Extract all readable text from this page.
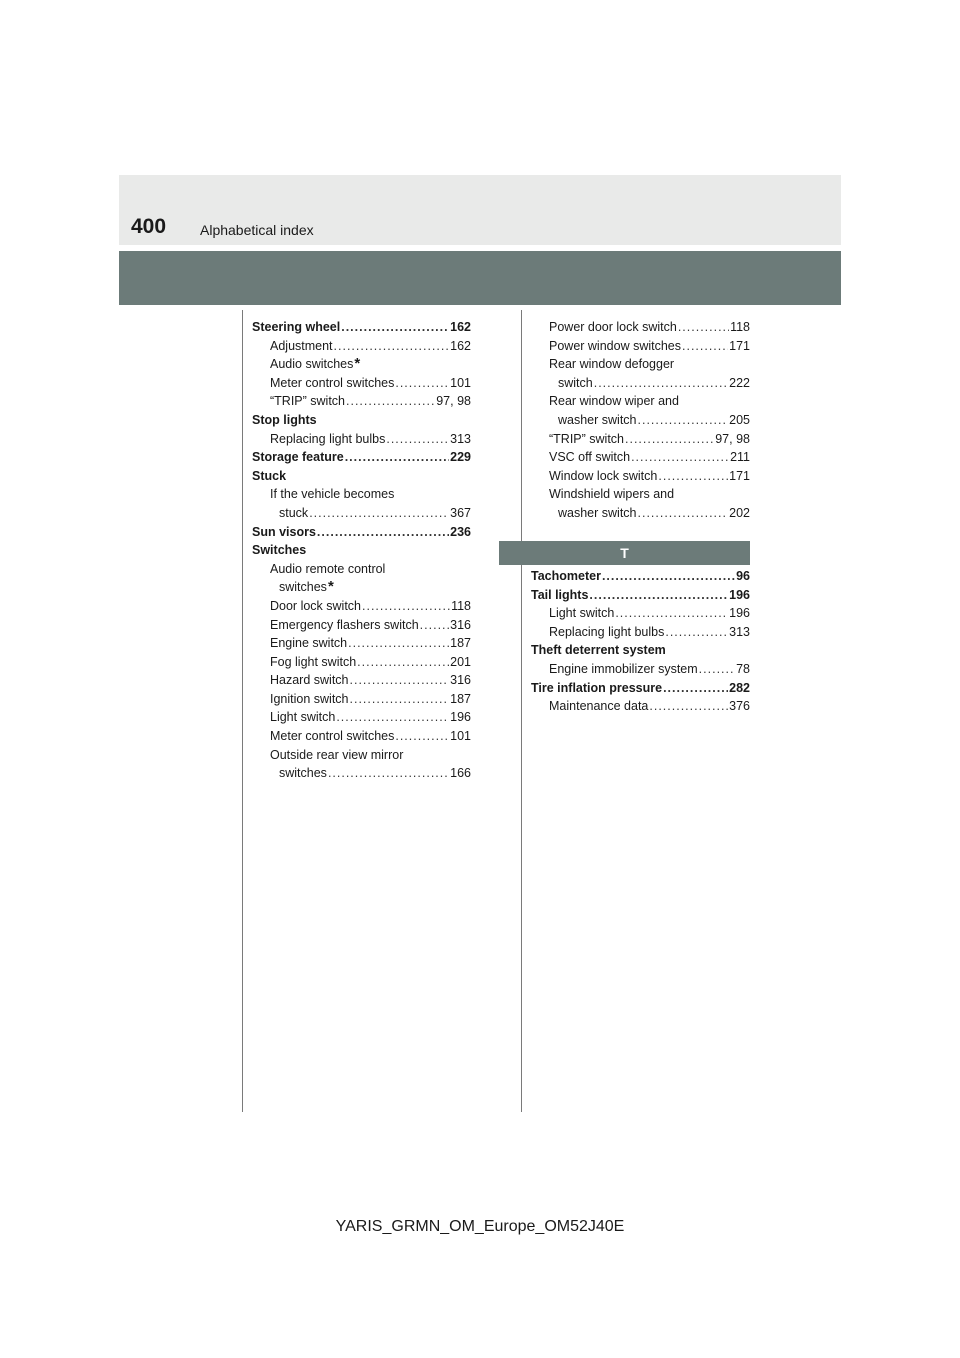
400 Alphabetical index
Steering wheel .....	162
Adjustment .....	162
Audio switches *
Meter control switches .....	101
“TRIP” switch .....	97, 98
Stop lights
Replacing light bulbs .....	313
Storage feature .....	229
Stuck
If the vehicle becomes
stuck .....	367
Sun visors .....	236
Switches
Audio remote control
switches *
Door lock switch .....	118
Emergency flashers switch .....	316
Engine switch .....	187
Fog light switch .....	201
Hazard switch .....	316
Ignition switch .....	187
Light switch .....	196
Meter control switches .....	101
Outside rear view mirror
switches .....	166
Power door lock switch .....	118
Power window switches .....	171
Rear window defogger
switch .....	222
Rear window wiper and
washer switch .....	205
“TRIP” switch .....	97, 98
VSC off switch .....	211
Window lock switch .....	171
Windshield wipers and
washer switch .....	202
T
Tachometer .....	96
Tail lights .....	196
Light switch .....	196
Replacing light bulbs .....	313
Theft deterrent system
Engine immobilizer system .....	78
Tire inflation pressure .....	282
Maintenance data .....	376
YARIS_GRMN_OM_Europe_OM52J40E
